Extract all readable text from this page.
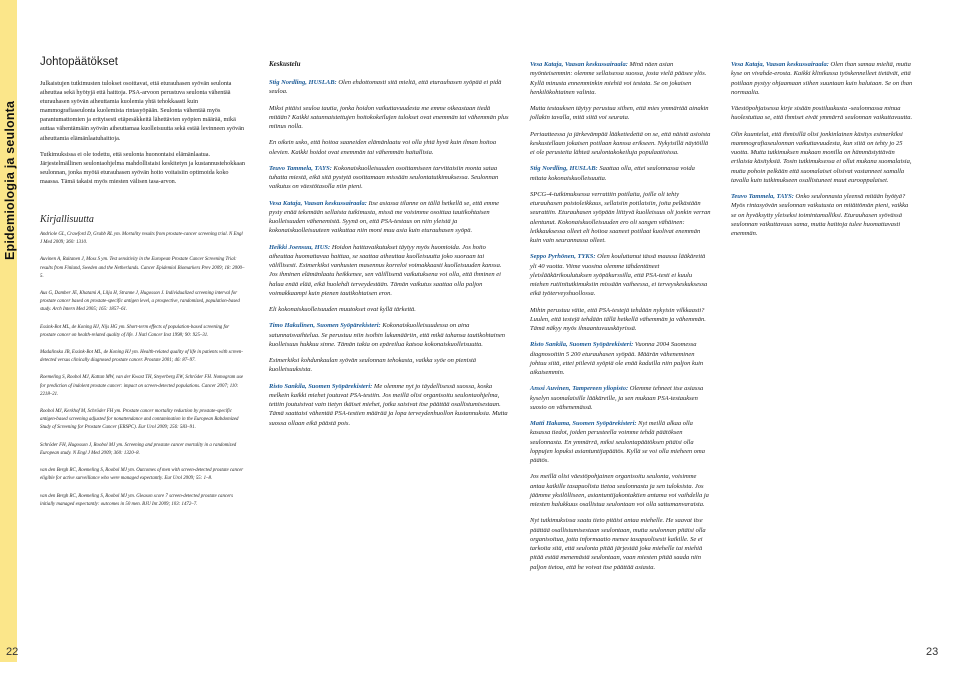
Epidemiologia ja seulonta
22	23
Johtopäätökset

Julkaistujen tutkimusten tulokset osoittavat, että eturauhasen syövän seulonta aiheuttaa sekä hyötyjä että haittoja. PSA-arvoon perustuva seulonta vähentää eturauhasen syövän aiheuttamia kuolemia yhtä tehokkaasti kuin mammografiaseulonta kuolemista rintasyöpään. Seulonta vähentää myös parantumattomien ja erityisesti etäpesäkkeitä lähettävien syöpien määrää, mikä auttaa vähentämään syövän aiheuttamaa kuolleisuutta sekä estää levinneen syövän aiheuttamia elämänlaatuhaittoja.

Tutkimuksissa ei ole todettu, että seulonta huonontaisi elämänlaatua. Järjestelmällinen seulontaohjelma mahdollistaisi keskitetyn ja kustannustehokkaan seulonnan, jonka myötä eturauhasen syövän hoito voitaisiin optimoida koko maassa. Tämä takaisi myös miesten välisen tasa-arvon.

Kirjallisuutta

Andriole GL, Crawford D, Grubb RL ym. Mortality results from prostate-cancer screening trial. N Engl J Med 2009; 360: 1310.

Auvinen A, Raitanen J, Moss S ym. Test sensitivity in the European Prostate Cancer Screening Trial: results from Finland, Sweden and the Netherlands. Cancer Epidemiol Biomarkers Prev 2009; 18: 2000–5.

Aus G, Damber JE, Khatami A, Lilja H, Stranne J, Hugosson J. Individualized screening interval for prostate cancer based on prostate-specific antigen level, a prospective, randomized, population-based study. Arch Intern Med 2005; 165: 1857–61.

Essink-Bot ML, de Koning HJ, Nijs HG ym. Short-term effects of population-based screening for prostate cancer on health-related quality of life. J Natl Cancer Inst 1998; 90: 925–31.

Madalinska JB, Essink-Bot ML, de Koning HJ ym. Health-related quality of life in patients with screen-detected versus clinically diagnosed prostate cancer. Prostate 2001; 46: 87–97.

Roemeling S, Roobol MJ, Kattan MW, van der Kwast TH, Steyerberg EW, Schröder FH. Nomogram use for prediction of indolent prostate cancer: impact on screen-detected populations. Cancer 2007; 110: 2218–21.

Roobol MJ, Kerkhof M, Schröder FH ym. Prostate cancer mortality reduction by prostate-specific antigen-based screening adjusted for nonattendance and contamination in the European Rabdomized Study of Screening for Prostate Cancer (ERSPC). Eur Urol 2009; 256: 583–91.

Schröder FH, Hugosson J, Roobol MJ ym. Screening and prostate cancer mortality in a randomized European study. N Engl J Med 2009; 360: 1320–8.

van den Bergh RC, Roemeling S, Roobol MJ ym. Outcomes of men with screen-detected prostate cancer eligible for active surveillance who were managed expectantly. Eur Urol 2009; 55: 1–8.

van den Bergh RC, Roemeling S, Roobol MJ ym. Gleason score 7 screen-detected prostate cancers initially managed expectantly: outcomes in 50 men. BJU Int 2009; 103: 1472–7.

Keskustelu

Stig Nordling, HUSLAB: Olen ehdottomasti sitä mieltä, että eturauhasen syöpää ei pidä seuloa.

Miksi pitäisi seuloa tautia, jonka hoidon vaikuttavuudesta me emme oikeastaan tiedä mitään? Kaikki satunnaistettujen hoitokokeilujen tulokset ovat enemmän tai vähemmän plus miinus nolla.

En oikein usko, että hoitoa saaneiden elämänlaatu voi olla yhtä hyvä kuin ilman hoitoa olevien. Kaikki hoidot ovat enemmän tai vähemmän haitallisia.

Teuvo Tammela, TAYS: Kokonaiskuolleisuuden osoittamiseen tarvittaisiin monta sataa tuhatta miestä, eikä sitä pystytä osoittamaan missään seulontatutkimuksessa. Seulonnan vaikutus on väestötasolla niin pieni.

Vesa Kataja, Vaasan keskussairaala: Itse asiassa tilanne on tällä hetkellä se, että emme pysty enää tekemään sellaista tutkimusta, missä me voisimme osoittaa tautikohtaisen kuolleisuuden vähenemistä. Syynä on, että PSA-testaus on niin yleistä ja kokonaiskuolleisuuteen vaikuttaa niin moni muu asia kuin eturauhasen syöpä.

Heikki Joensuu, HUS: Hoidon haittavaikutukset täytyy myös huomioida. Jos hoito aiheuttaa huomattavaa haittaa, se saattaa aiheuttaa kuolleisuutta joko suoraan tai välillisesti. Esimerkiksi vanhusten masennus korreloi voimakkaasti kuolleisuuden kanssa. Jos ihminen elämänlaatu heikkenee, sen välillisenä vaikutuksena voi olla, että ihminen ei halua enää elää, eikä huolehdi terveydestään. Tämän vaikutus saattaa olla paljon voimakkaampi kuin pienen tautikohtaisen eron.

Eli kokonaiskuolleisuuden muutokset ovat kyllä tärkeitä.

Timo Hakulinen, Suomen Syöpärekisteri: Kokonaiskuolleisuudessa on aina satunnaisvaihtelua. Se perustuu niin isoihin lukumääriin, että mikä tahansa tautikohtainen kuolleisuus hukkuu sinne. Tämän takia on epäreilua katsoa kokonaiskuolleisuutta.

Esimerkiksi kohdunkaulan syövän seulonnan tehokasta, vaikka syöe on pienistä kuolleisuuksista.

Risto Sankila, Suomen Syöpärekisteri: Me olemme nyt jo täydellisessä suossa, koska melkein kaikki miehet joutuvat PSA-testiin. Jos meillä olisi organisoitu seulontaohjelma, tettiin joutuisivat vain tietyn ikäiset miehet, jotka saisivat itse päättää osallistumisestaan. Tämä saattaisi vähentää PSA-testien määrää ja lopa terveydenhuollon kustannuksia. Mutta suossa ollaan eikä päästä pois.

Vesa Kataja, Vaasan keskussairaala: Minä näen asian myönteisemmin: olemme sellaisessa suossa, josta vielä pääsee ylös. Kyllä minusta ennemminkin miehiä voi testata. Se on jokaisen henkilökohtainen valinta.

Mutta testauksen täytyy perustua siihen, että mies ymmärtää ainakin jollakin tavalla, mitä siitä voi seurata.

Periaatteessa ja järkevämpää lääketiedettä on se, että näistä asioista keskustellaan jokaisen potilaan kanssa erikseen. Nykyisillä näytöillä ei ole perusteita lähteä seulontakokeiluja populaatioissa.

Stig Nordling, HUSLAB: Saattaa olla, ettei seulonnassa voida mitata kokonaiskuolleisuutta.

SPCG-4-tutkimuksessa verrattiin potilaita, joille oli tehty eturauhasen poistoleikkaus, sellaisiin potilaisiin, joita pelkästään seurattiin. Eturauhasen syöpään liittyvä kuolleisuus oli jonkin verran alentunut. Kokonaiskuolleisuuden ero oli sangen vähäinen: leikkauksessa olleet eli hoitoa saaneet potilaat kuolivat enemmän kuin vain seurannassa olleet.

Seppo Pyrhönen, TYKS: Olen kouluttanut tässä maassa lääkäreitä yli 40 vuotta. Viime vuosina olemme tähdentäneet yleislääkärikoulutuksen syöpäkurssilla, että PSA-testi ei kuulu miehen rutiinitutkimuksiin missään vaiheessa, ei terveyskeskuksessa eikä työterveyshuollossa.

Mihin perustuu väite, että PSA-testejä tehdään nykyisin vilkkaasti? Luulen, että testejä tehdään tällä hetkellä vähemmän ja vähemmän. Tämä näkyy myös ilmaantuvuuskäyrissä.

Risto Sankila, Suomen Syöpärekisteri: Vuonna 2004 Suomessa diagnosoitiin 5 200 eturauhasen syöpää. Määrän väheneminen johtuu siitä, ettei piileviä syöpiä ole enää kaduilla niin paljon kuin aikaisemmin.

Anssi Auvinen, Tampereen yliopisto: Olemme tehneet itse asiassa kyselyn suomalaisille lääkäreille, ja sen mukaan PSA-testauksen suosio on vähenemässä.

Matti Hakama, Suomen Syöpärekisteri: Nyt meillä alkaa olla kasassa tiedot, joiden perusteella voimme tehdä päätöksen seulonnasta. En ymmärrä, miksi seulontapäätöksen pitäisi olla loppujen lopuksi asiantuntijapäätös. Kyllä se voi olla mieheen oma päätös.

Jos meillä olisi väestöpohjainen organisoitu seulonta, voisimme antaa kaikille tasapuolista tietoa seulonnasta ja sen tuloksista. Jos jäämme yksilölliseen, asiantuntijakontaktien antama voi vaihdella ja miesten halukkuus osallistua seulontaan voi olla sattumanvaraista.

Nyt tutkimuksissa saatu tieto pitäisi antaa miehelle. He saavat itse päättää osallistumisestaan seulontaan, mutta seulonnan pitäisi olla organisoitua, jotta informaatio menee tasapuolisesti kaikille. Se ei tarkoita sitä, että seulonta pitää järjestää joka miehelle tai miehiä pitää estää menemästä seulontaan, vaan miesten pitää saada niin paljon tietoa, että he voivat itse päättää asiasta.

Vesa Kataja, Vaasan keskussairaala: Olen ihan samaa mieltä, mutta kyse on vivahde-erosta. Kaikki klinikassa työskennelleet tietävät, että potilaan pystyy ohjaamaan siihen suuntaan kuin halutaan. Se on ihan normaalia.

Väestöpohjaisessa kirje sisään postiluukusta -seulonnassa minua huolestuttaa se, että ihmiset eivät ymmärrä seulonnan vaikuttavuutta.

Olin kuuntelut, että ihmisillä olisi jonkinlainen käsitys esimerkiksi mammografiaseulonnan vaikuttavuudesta, kun siitä on tehty jo 25 vuotta. Mutta tutkimuksen mukaan monilla on hämmästyttävän erilaisia käsityksiä. Tosin tutkimuksessa ei ollut mukana suomalaisia, mutta pohoin pelkään että suomalaiset olisivat vastanneet samalla tavalla kuin tutkimukseen osallistuneet muut eurooppalaiset.

Teuvo Tammela, TAYS: Onko seulonnasta yleensä mitään hyötyä? Myös rintasyövän seulonnan vaikutusta on mitättömän pieni, vaikka se on hyväksytty yleiseksi toimintamalliksi. Eturauhasen syövässä seulonnan vaikuttavuus sama, mutta haittoja tulee huomattavasti enemmän.
